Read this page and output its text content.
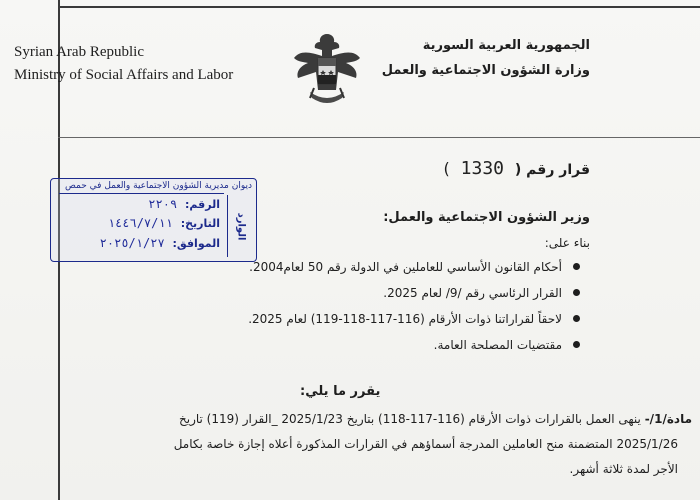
Syrian Arab Republic
Ministry of Social Affairs and Labor
الجمهورية العربية السورية
وزارة الشؤون الاجتماعية والعمل
قرار رقم ( 1330 )
ديوان مديرية الشؤون الاجتماعية والعمل في حمص
الرقم: ٢٢٠٩
التاريخ: ١٤٤٦/٧/١١
الموافق: ٢٠٢٥/١/٢٧
الوارد	وزير الشؤون الاجتماعية والعمل:
بناء على:
أحكام القانون الأساسي للعاملين في الدولة رقم 50 لعام2004.
القرار الرئاسي رقم /9/ لعام 2025.
لاحقاً لقراراتنا ذوات الأرقام (116-117-118-119) لعام 2025.
مقتضيات المصلحة العامة.
يقرر ما يلي:
مادة/1/- ينهى العمل بالقرارات ذوات الأرقام (116-117-118) بتاريخ 2025/1/23 _القرار (119) تاريخ
2025/1/26 المتضمنة منح العاملين المدرجة أسماؤهم في القرارات المذكورة أعلاه إجازة خاصة بكامل
الأجر لمدة ثلاثة أشهر.
